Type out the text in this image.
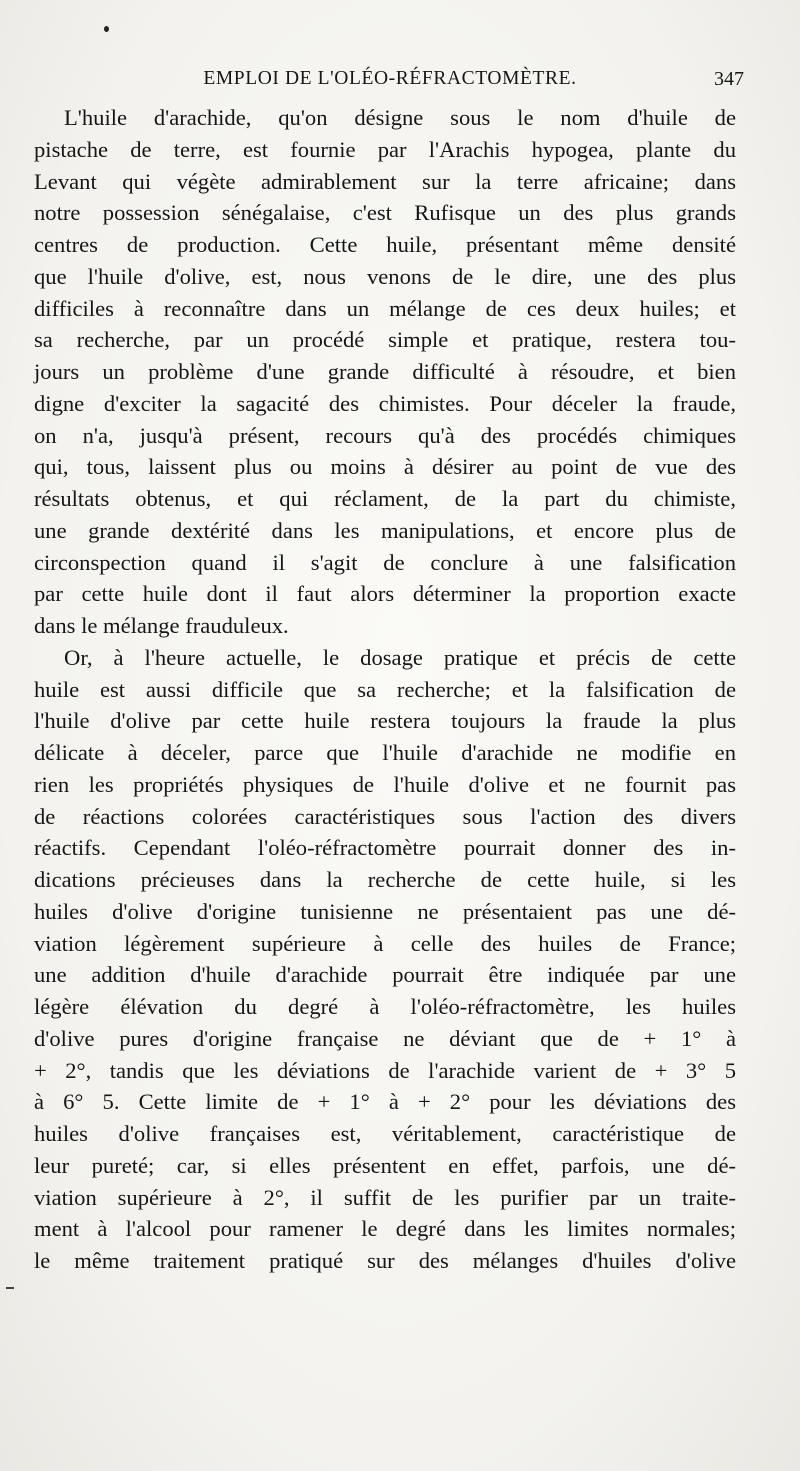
EMPLOI DE L'OLÉO-RÉFRACTOMÈTRE.	347
L'huile d'arachide, qu'on désigne sous le nom d'huile de
pistache de terre, est fournie par l'Arachis hypogea, plante du
Levant qui végète admirablement sur la terre africaine; dans
notre possession sénégalaise, c'est Rufisque un des plus grands
centres de production. Cette huile, présentant même densité
que l'huile d'olive, est, nous venons de le dire, une des plus
difficiles à reconnaître dans un mélange de ces deux huiles; et
sa recherche, par un procédé simple et pratique, restera tou-
jours un problème d'une grande difficulté à résoudre, et bien
digne d'exciter la sagacité des chimistes. Pour déceler la fraude,
on n'a, jusqu'à présent, recours qu'à des procédés chimiques
qui, tous, laissent plus ou moins à désirer au point de vue des
résultats obtenus, et qui réclament, de la part du chimiste,
une grande dextérité dans les manipulations, et encore plus de
circonspection quand il s'agit de conclure à une falsification
par cette huile dont il faut alors déterminer la proportion exacte
dans le mélange frauduleux.
Or, à l'heure actuelle, le dosage pratique et précis de cette
huile est aussi difficile que sa recherche; et la falsification de
l'huile d'olive par cette huile restera toujours la fraude la plus
délicate à déceler, parce que l'huile d'arachide ne modifie en
rien les propriétés physiques de l'huile d'olive et ne fournit pas
de réactions colorées caractéristiques sous l'action des divers
réactifs. Cependant l'oléo-réfractomètre pourrait donner des in-
dications précieuses dans la recherche de cette huile, si les
huiles d'olive d'origine tunisienne ne présentaient pas une dé-
viation légèrement supérieure à celle des huiles de France;
une addition d'huile d'arachide pourrait être indiquée par une
légère élévation du degré à l'oléo-réfractomètre, les huiles
d'olive pures d'origine française ne déviant que de + 1° à
+ 2°, tandis que les déviations de l'arachide varient de + 3° 5
à 6° 5. Cette limite de + 1° à + 2° pour les déviations des
huiles d'olive françaises est, véritablement, caractéristique de
leur pureté; car, si elles présentent en effet, parfois, une dé-
viation supérieure à 2°, il suffit de les purifier par un traite-
ment à l'alcool pour ramener le degré dans les limites normales;
le même traitement pratiqué sur des mélanges d'huiles d'olive
